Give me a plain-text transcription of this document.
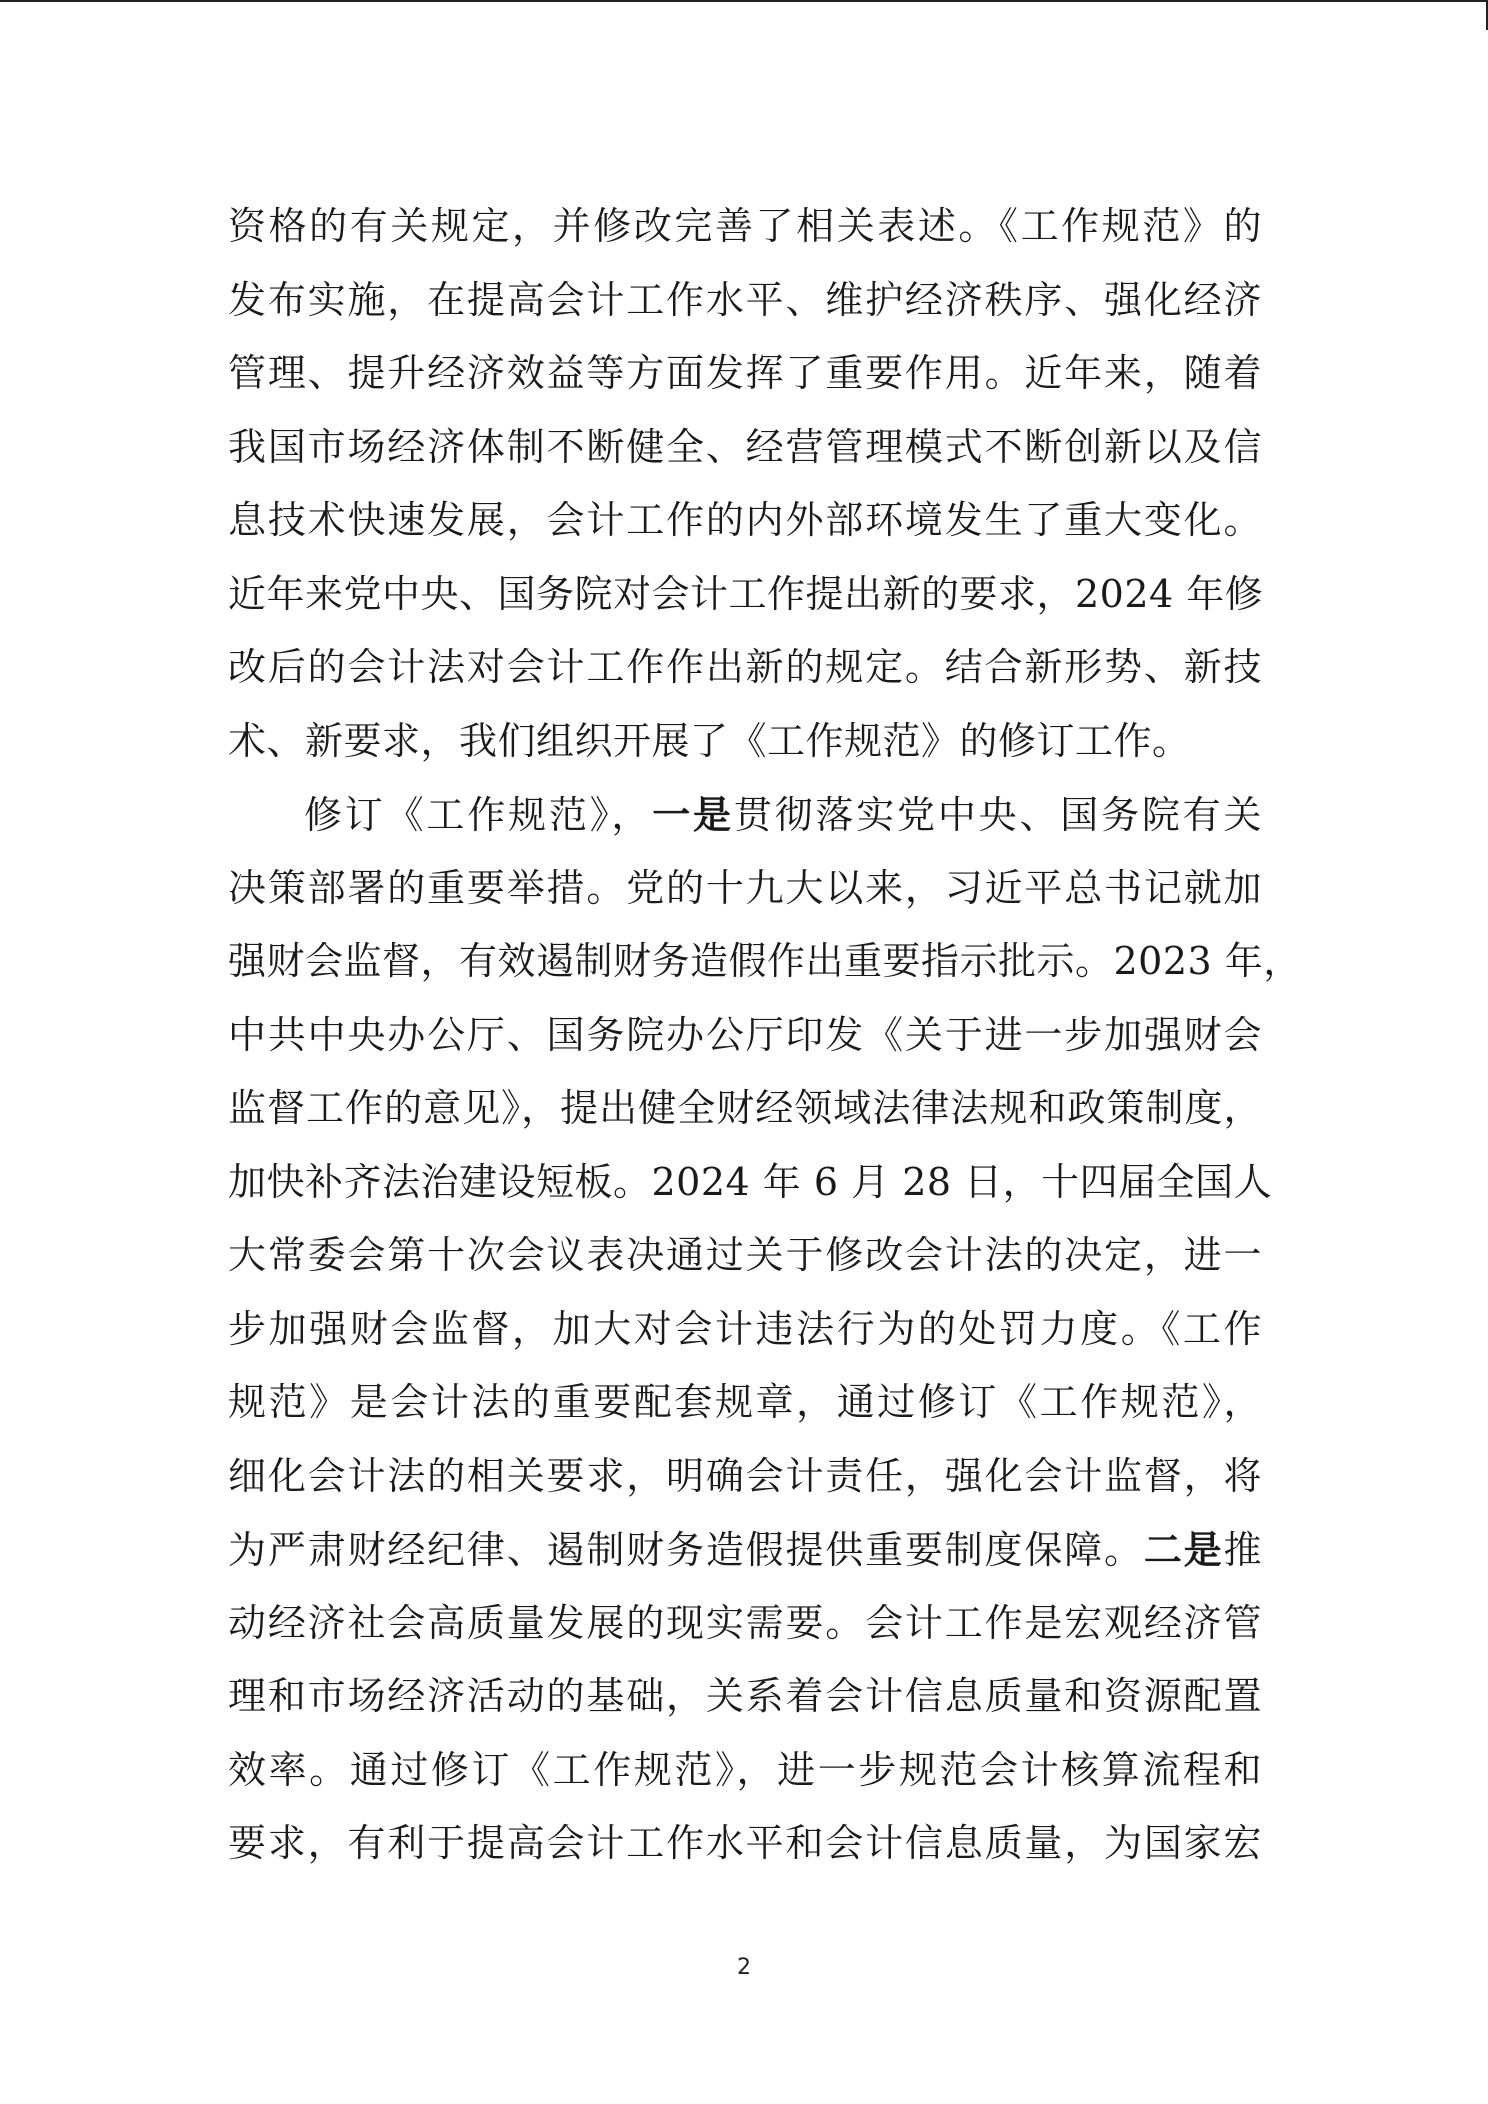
资格的有关规定，并修改完善了相关表述。《工作规范》的
发布实施，在提高会计工作水平、维护经济秩序、强化经济
管理、提升经济效益等方面发挥了重要作用。近年来，随着
我国市场经济体制不断健全、经营管理模式不断创新以及信
息技术快速发展，会计工作的内外部环境发生了重大变化。
近年来党中央、国务院对会计工作提出新的要求，2024 年修
改后的会计法对会计工作作出新的规定。结合新形势、新技
术、新要求，我们组织开展了《工作规范》的修订工作。
修订《工作规范》，一是贯彻落实党中央、国务院有关
决策部署的重要举措。党的十九大以来，习近平总书记就加
强财会监督，有效遏制财务造假作出重要指示批示。2023 年，
中共中央办公厅、国务院办公厅印发《关于进一步加强财会
监督工作的意见》，提出健全财经领域法律法规和政策制度，
加快补齐法治建设短板。2024 年 6 月 28 日，十四届全国人
大常委会第十次会议表决通过关于修改会计法的决定，进一
步加强财会监督，加大对会计违法行为的处罚力度。《工作
规范》是会计法的重要配套规章，通过修订《工作规范》，
细化会计法的相关要求，明确会计责任，强化会计监督，将
为严肃财经纪律、遏制财务造假提供重要制度保障。二是推
动经济社会高质量发展的现实需要。会计工作是宏观经济管
理和市场经济活动的基础，关系着会计信息质量和资源配置
效率。通过修订《工作规范》，进一步规范会计核算流程和
要求，有利于提高会计工作水平和会计信息质量，为国家宏
2
